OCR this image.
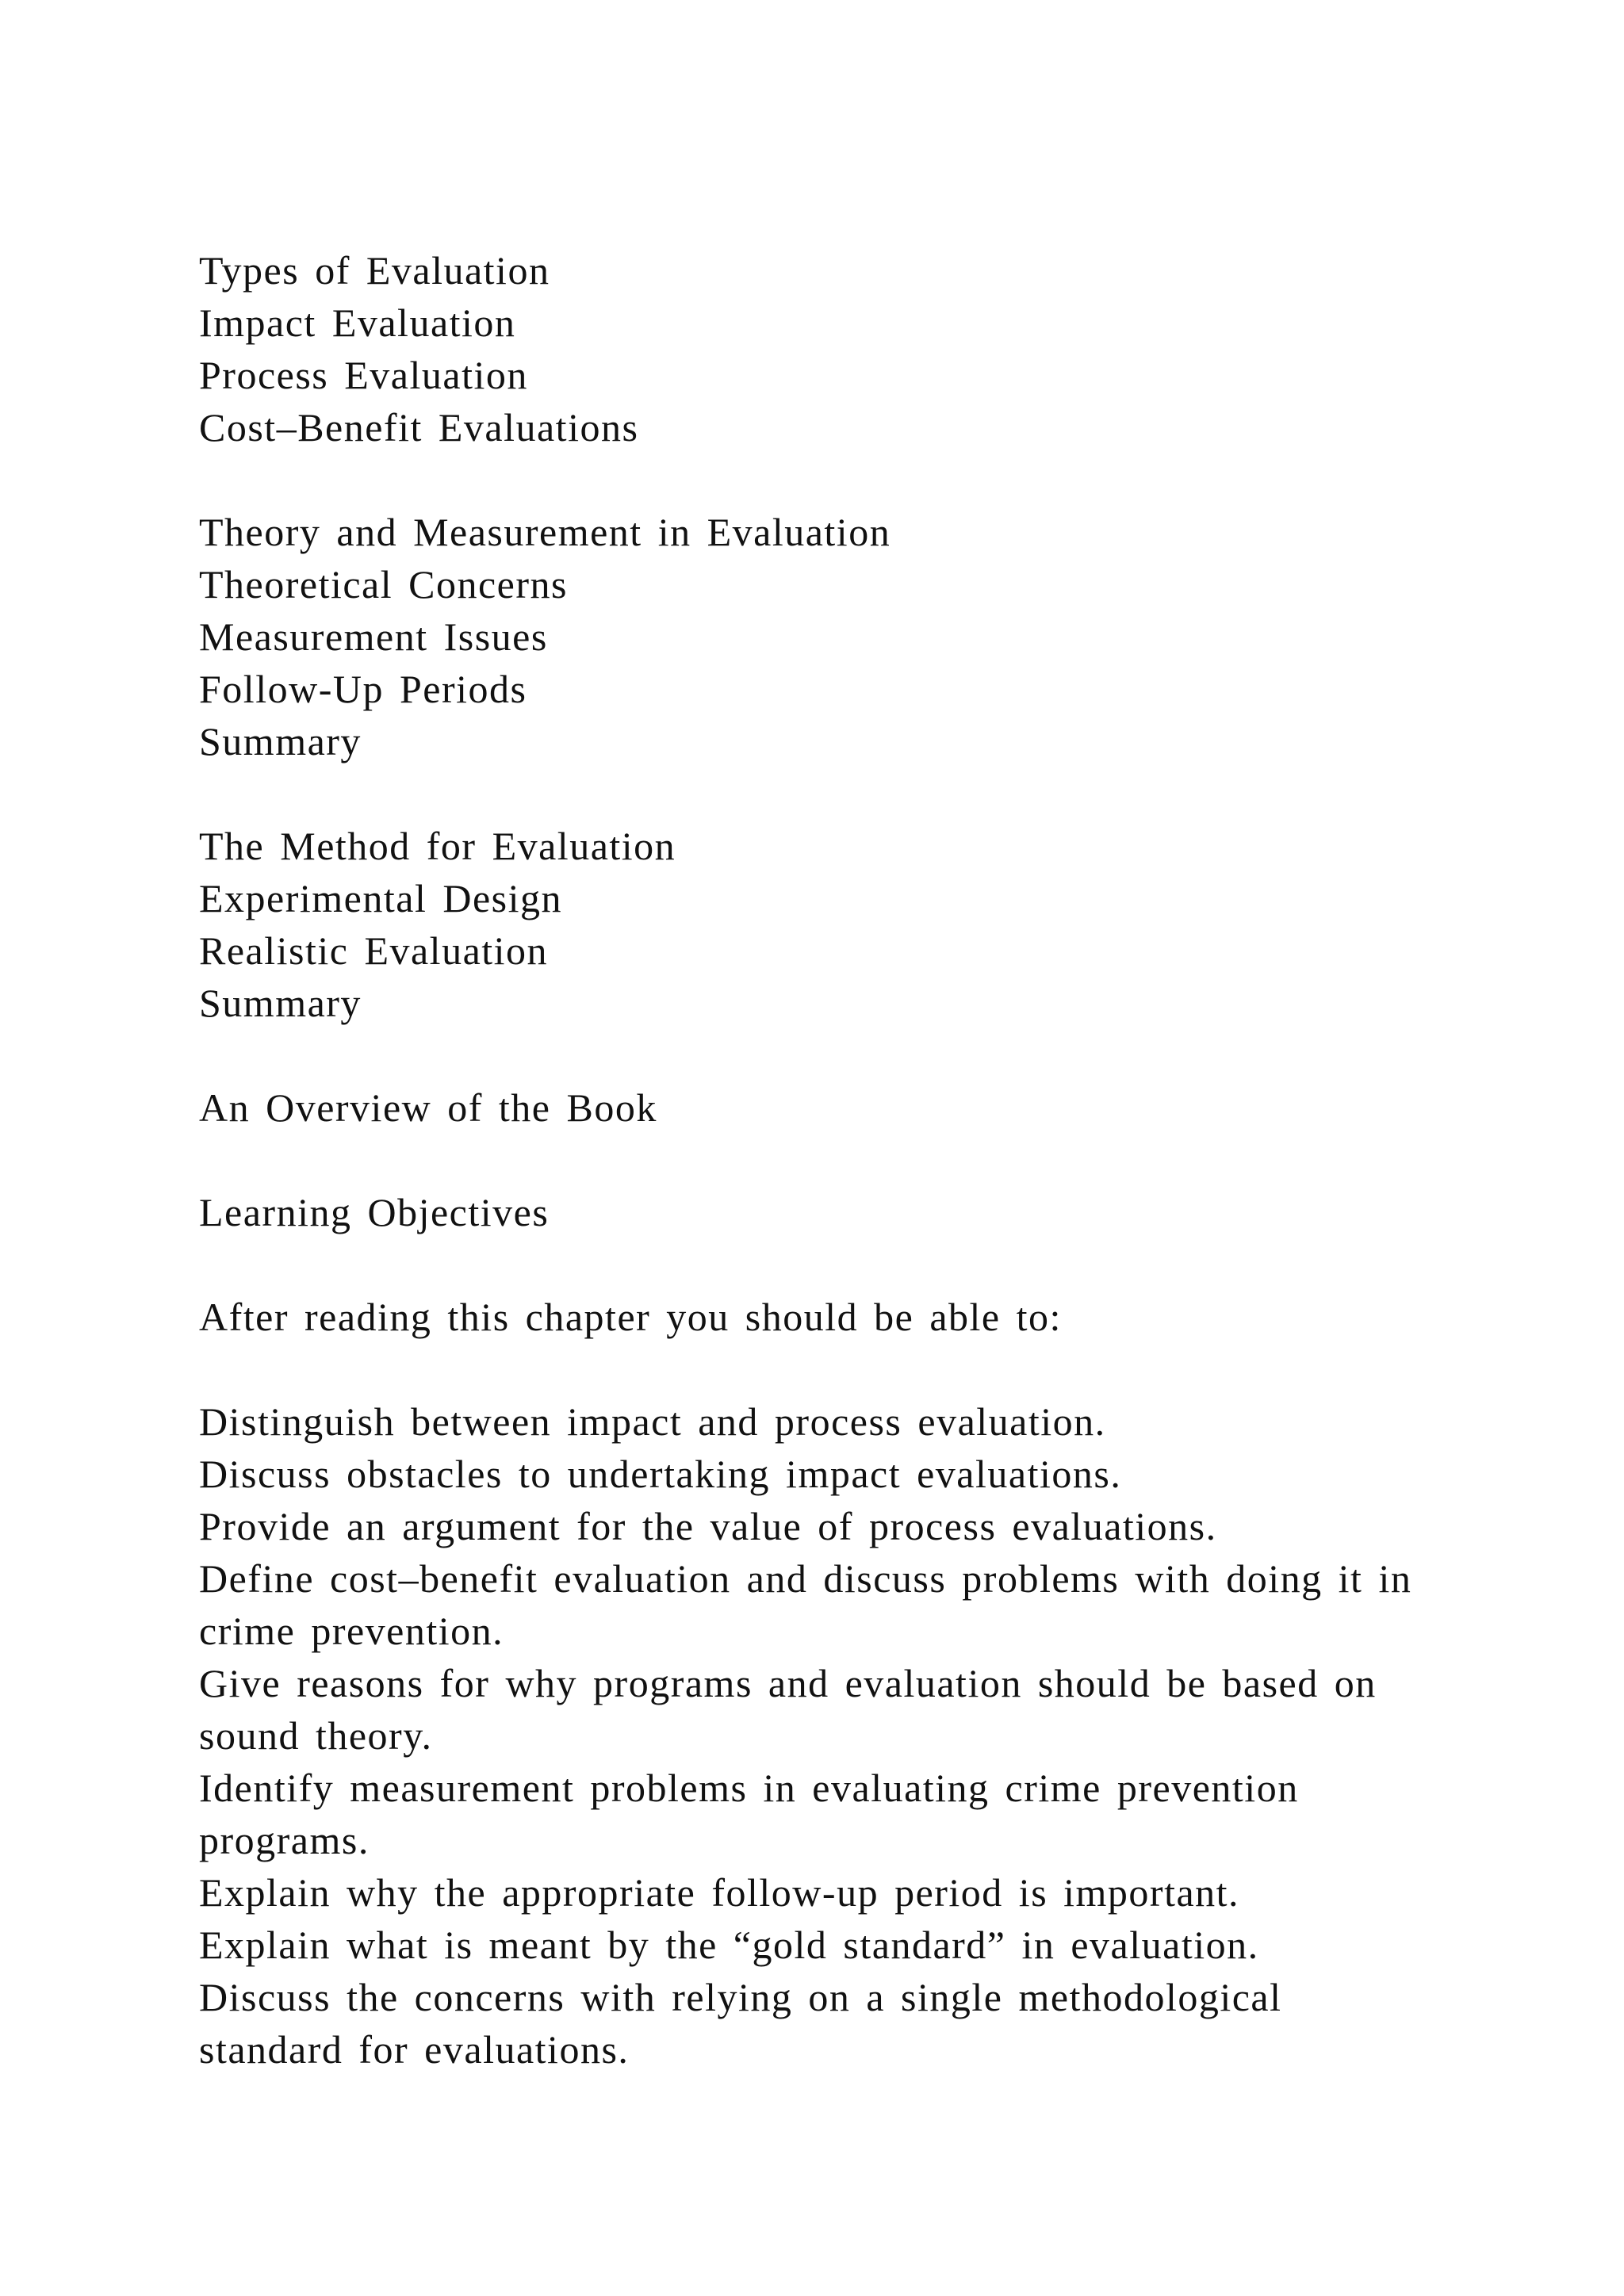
Types of Evaluation
Impact Evaluation
Process Evaluation
Cost–Benefit Evaluations
Theory and Measurement in Evaluation
Theoretical Concerns
Measurement Issues
Follow-Up Periods
Summary
The Method for Evaluation
Experimental Design
Realistic Evaluation
Summary
An Overview of the Book
Learning Objectives
After reading this chapter you should be able to:
Distinguish between impact and process evaluation.
Discuss obstacles to undertaking impact evaluations.
Provide an argument for the value of process evaluations.
Define cost–benefit evaluation and discuss problems with doing it in crime prevention.
Give reasons for why programs and evaluation should be based on sound theory.
Identify measurement problems in evaluating crime prevention programs.
Explain why the appropriate follow-up period is important.
Explain what is meant by the “gold standard” in evaluation.
Discuss the concerns with relying on a single methodological standard for evaluations.
